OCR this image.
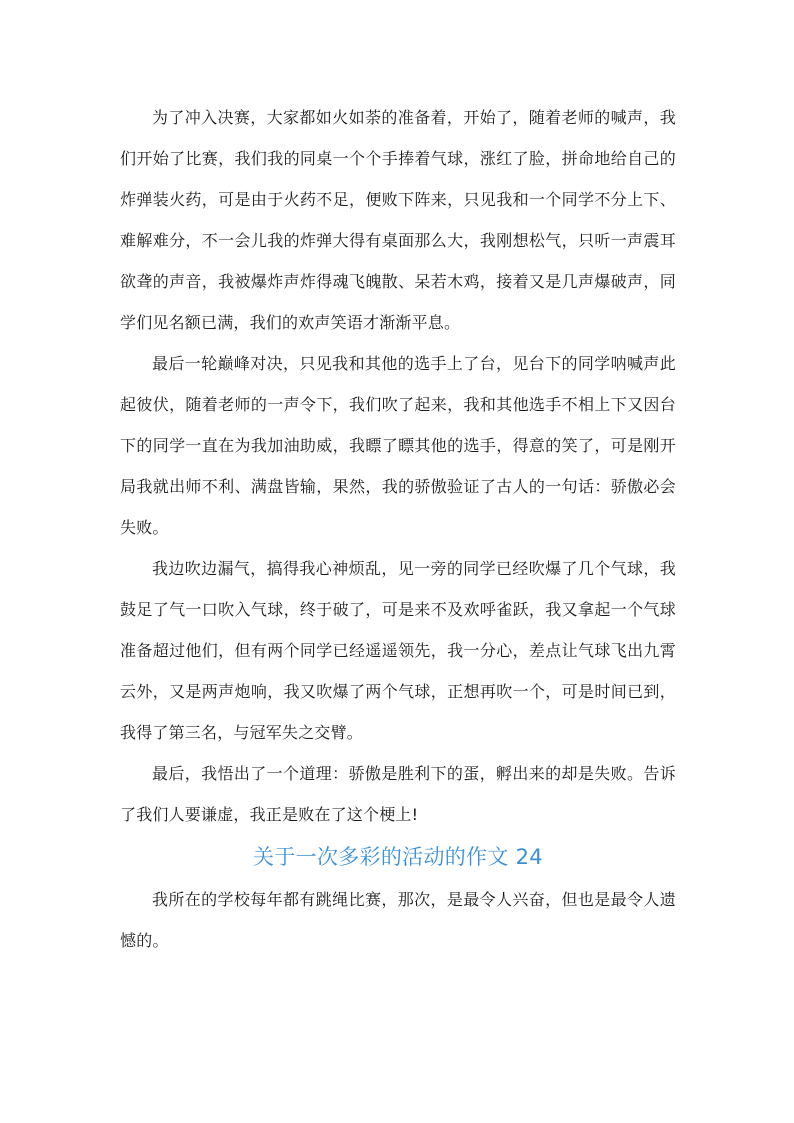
为了冲入决赛，大家都如火如荼的准备着，开始了，随着老师的喊声，我们开始了比赛，我们我的同桌一个个手捧着气球，涨红了脸，拼命地给自己的炸弹装火药，可是由于火药不足，便败下阵来，只见我和一个同学不分上下、难解难分，不一会儿我的炸弹大得有桌面那么大，我刚想松气，只听一声震耳欲聋的声音，我被爆炸声炸得魂飞魄散、呆若木鸡，接着又是几声爆破声，同学们见名额已满，我们的欢声笑语才渐渐平息。

最后一轮巅峰对决，只见我和其他的选手上了台，见台下的同学呐喊声此起彼伏，随着老师的一声令下，我们吹了起来，我和其他选手不相上下又因台下的同学一直在为我加油助威，我瞟了瞟其他的选手，得意的笑了，可是刚开局我就出师不利、满盘皆输，果然，我的骄傲验证了古人的一句话：骄傲必会失败。

我边吹边漏气，搞得我心神烦乱，见一旁的同学已经吹爆了几个气球，我鼓足了气一口吹入气球，终于破了，可是来不及欢呼雀跃，我又拿起一个气球准备超过他们，但有两个同学已经遥遥领先，我一分心，差点让气球飞出九霄云外，又是两声炮响，我又吹爆了两个气球，正想再吹一个，可是时间已到，我得了第三名，与冠军失之交臂。

最后，我悟出了一个道理：骄傲是胜利下的蛋，孵出来的却是失败。告诉了我们人要谦虚，我正是败在了这个梗上!

关于一次多彩的活动的作文 24

我所在的学校每年都有跳绳比赛，那次，是最令人兴奋，但也是最令人遗憾的。
